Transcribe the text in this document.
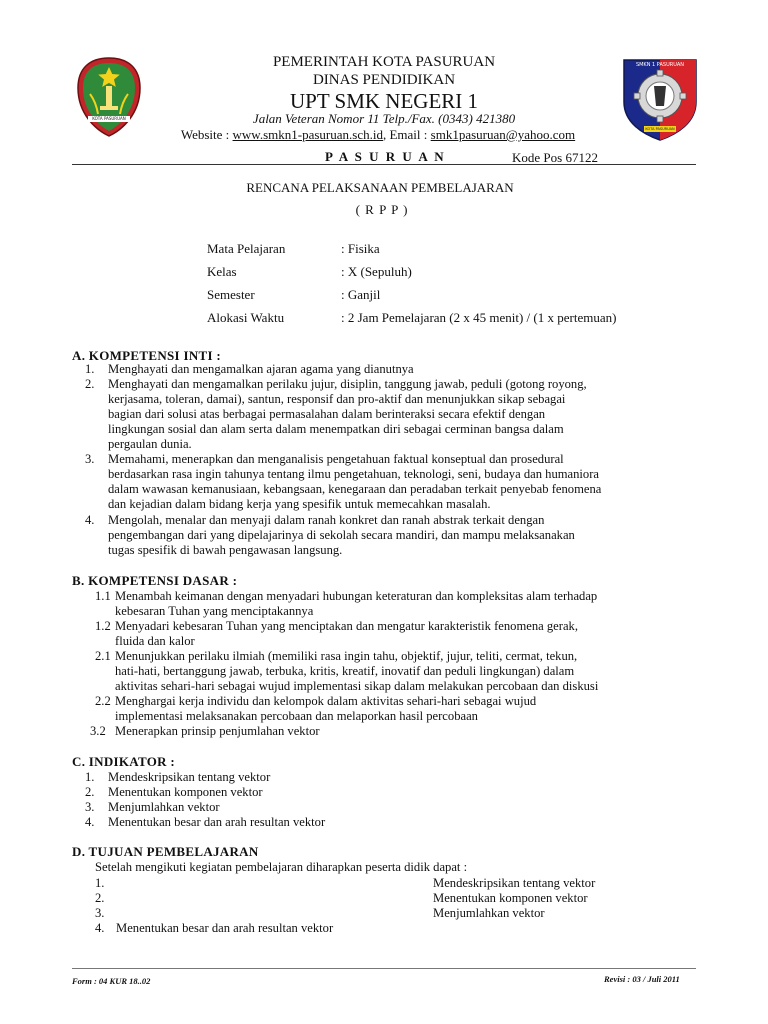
KOTA PASURUAN
SMKN 1 PASURUAN
KOTA PASURUAN
PEMERINTAH KOTA PASURUAN
DINAS PENDIDIKAN
UPT SMK NEGERI 1
Jalan Veteran Nomor 11 Telp./Fax. (0343) 421380
Website : www.smkn1-pasuruan.sch.id, Email : smk1pasuruan@yahoo.com
P A S U R U A N	Kode Pos 67122
RENCANA PELAKSANAAN PEMBELAJARAN
( R P P )
Mata Pelajaran	: Fisika
Kelas	: X (Sepuluh)
Semester	: Ganjil
Alokasi Waktu	: 2 Jam Pemelajaran (2 x 45 menit) / (1 x pertemuan)
A. KOMPETENSI INTI :
1. Menghayati dan mengamalkan ajaran agama yang dianutnya
2. Menghayati dan mengamalkan perilaku jujur, disiplin, tanggung jawab, peduli (gotong royong,
kerjasama, toleran, damai), santun, responsif dan pro-aktif dan menunjukkan sikap sebagai
bagian dari solusi atas berbagai permasalahan dalam berinteraksi secara efektif dengan
lingkungan sosial dan alam serta dalam menempatkan diri sebagai cerminan bangsa dalam
pergaulan dunia.
3. Memahami, menerapkan dan menganalisis pengetahuan faktual konseptual dan prosedural
berdasarkan rasa ingin tahunya tentang ilmu pengetahuan, teknologi, seni, budaya dan humaniora
dalam wawasan kemanusiaan, kebangsaan, kenegaraan dan peradaban terkait penyebab fenomena
dan kejadian dalam bidang kerja yang spesifik untuk memecahkan masalah.
4. Mengolah, menalar dan menyaji dalam ranah konkret dan ranah abstrak terkait dengan
pengembangan dari yang dipelajarinya di sekolah secara mandiri, dan mampu melaksanakan
tugas spesifik di bawah pengawasan langsung.
B. KOMPETENSI DASAR :
1.1 Menambah keimanan dengan menyadari hubungan keteraturan dan kompleksitas alam terhadap
kebesaran Tuhan yang menciptakannya
1.2 Menyadari kebesaran Tuhan yang menciptakan dan mengatur karakteristik fenomena gerak,
fluida dan kalor
2.1 Menunjukkan perilaku ilmiah (memiliki rasa ingin tahu, objektif, jujur, teliti, cermat, tekun,
hati-hati, bertanggung jawab, terbuka, kritis, kreatif, inovatif dan peduli lingkungan) dalam
aktivitas sehari-hari sebagai wujud implementasi sikap dalam melakukan percobaan dan diskusi
2.2 Menghargai kerja individu dan kelompok dalam aktivitas sehari-hari sebagai wujud
implementasi melaksanakan percobaan dan melaporkan hasil percobaan
3.2 Menerapkan prinsip penjumlahan vektor
C. INDIKATOR :
1. Mendeskripsikan tentang vektor
2. Menentukan komponen vektor
3. Menjumlahkan vektor
4. Menentukan besar dan arah resultan vektor
D. TUJUAN PEMBELAJARAN
Setelah mengikuti kegiatan pembelajaran diharapkan peserta didik dapat :
1.	Mendeskripsikan tentang vektor
2.	Menentukan komponen vektor
3.	Menjumlahkan vektor
4. Menentukan besar dan arah resultan vektor
Form : 04 KUR 18..02	Revisi : 03 / Juli 2011
